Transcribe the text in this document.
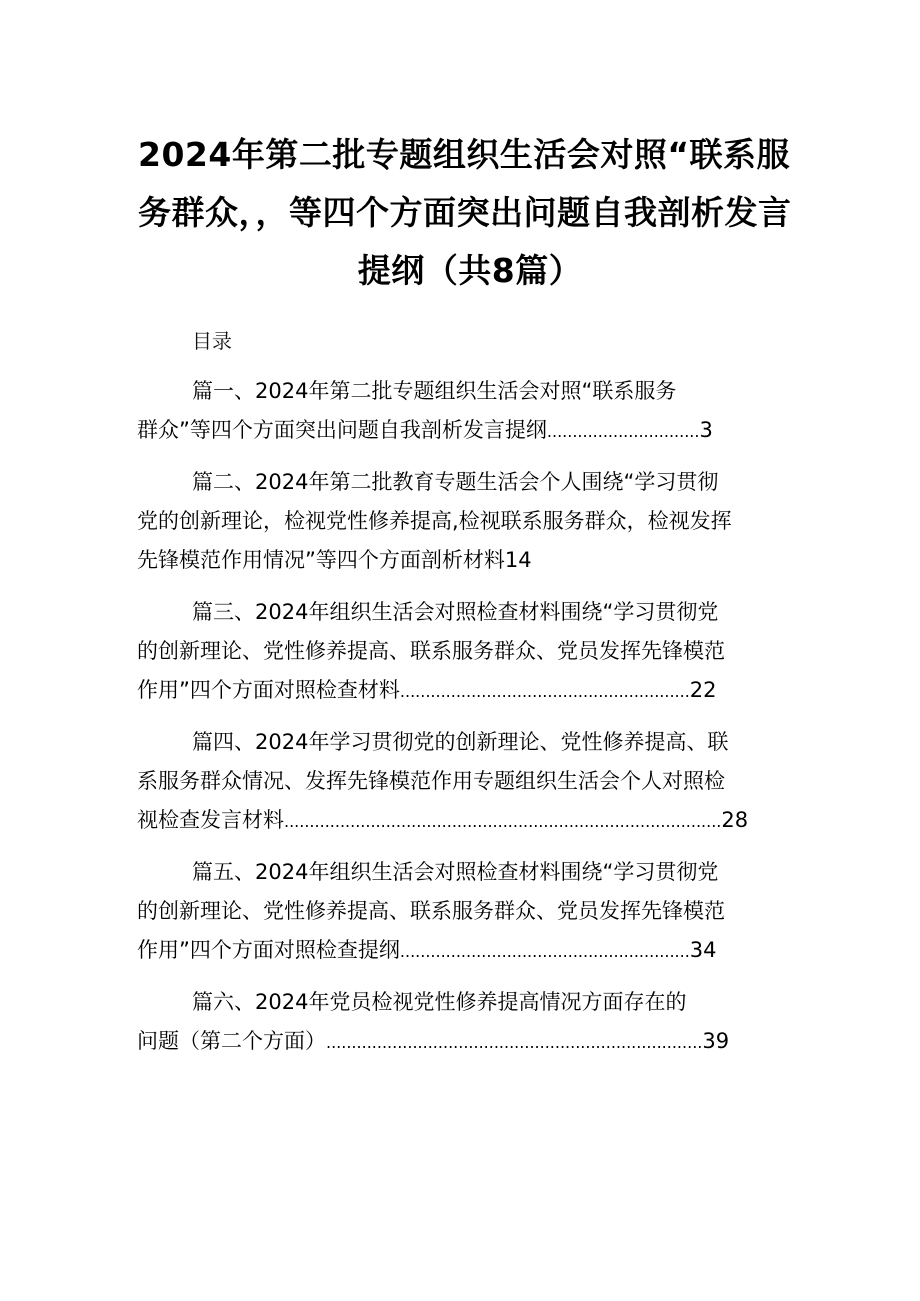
2024年第二批专题组织生活会对照“联系服
务群众，，等四个方面突出问题自我剖析发言
提纲（共8篇）
目录
篇一、2024年第二批专题组织生活会对照“联系服务
群众”等四个方面突出问题自我剖析发言提纲 .............................. 3
篇二、2024年第二批教育专题生活会个人围绕“学习贯彻
党的创新理论，检视党性修养提高,检视联系服务群众，检视发挥
先锋模范作用情况”等四个方面剖析材料 14
篇三、2024年组织生活会对照检查材料围绕“学习贯彻党
的创新理论、党性修养提高、联系服务群众、党员发挥先锋模范
作用”四个方面对照检查材料 ......................................................... 22
篇四、2024年学习贯彻党的创新理论、党性修养提高、联
系服务群众情况、发挥先锋模范作用专题组织生活会个人对照检
视检查发言材料 ...................................................................................... 28
篇五、2024年组织生活会对照检查材料围绕“学习贯彻党
的创新理论、党性修养提高、联系服务群众、党员发挥先锋模范
作用”四个方面对照检查提纲 ......................................................... 34
篇六、2024年党员检视党性修养提高情况方面存在的
问题（第二个方面） .......................................................................... 39
